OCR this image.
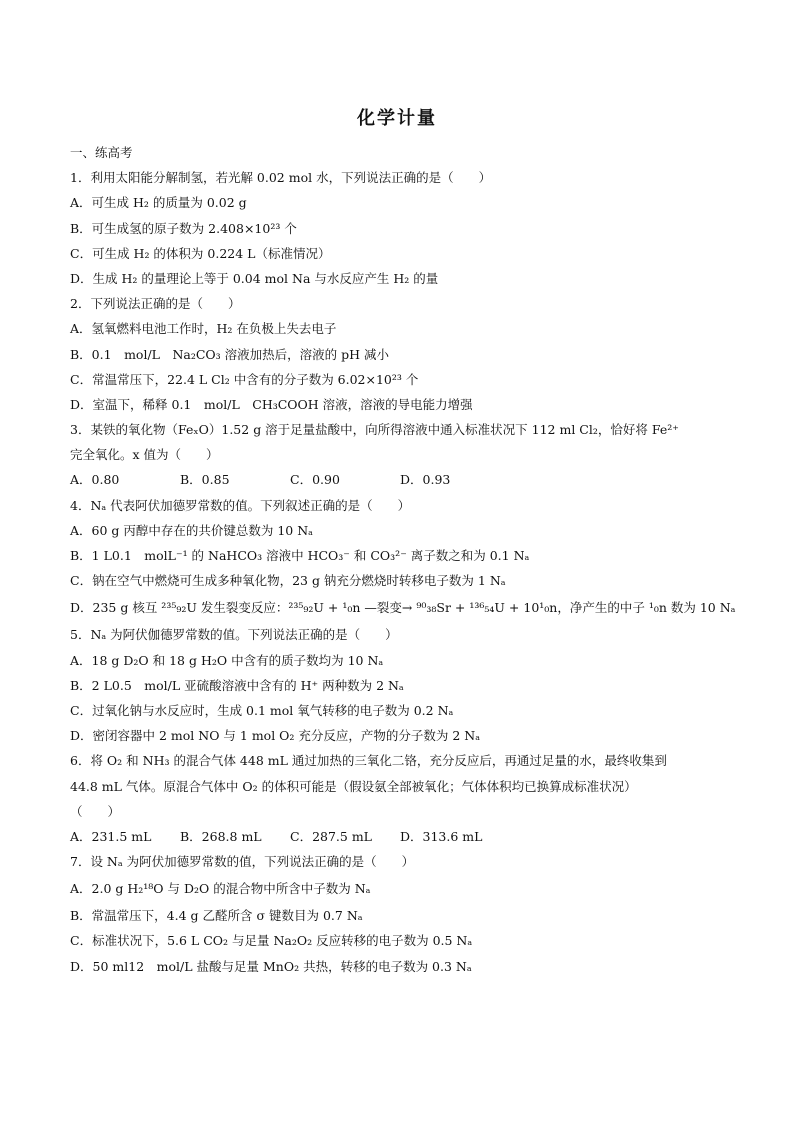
化学计量
一、练高考
1．利用太阳能分解制氢，若光解 0.02 mol 水，下列说法正确的是（　　）
A．可生成 H₂ 的质量为 0.02 g
B．可生成氢的原子数为 2.408×10²³ 个
C．可生成 H₂ 的体积为 0.224 L（标准情况）
D．生成 H₂ 的量理论上等于 0.04 mol Na 与水反应产生 H₂ 的量
2．下列说法正确的是（　　）
A．氢氧燃料电池工作时，H₂ 在负极上失去电子
B．0.1　mol/L　Na₂CO₃ 溶液加热后，溶液的 pH 减小
C．常温常压下，22.4 L Cl₂ 中含有的分子数为 6.02×10²³ 个
D．室温下，稀释 0.1　mol/L　CH₃COOH 溶液，溶液的导电能力增强
3．某铁的氧化物（FeₓO）1.52 g 溶于足量盐酸中，向所得溶液中通入标准状况下 112 ml Cl₂，恰好将 Fe²⁺
完全氧化。x 值为（　　）
A．0.80	B．0.85	C．0.90	D．0.93
4．Nₐ 代表阿伏加德罗常数的值。下列叙述正确的是（　　）
A．60 g 丙醇中存在的共价键总数为 10 Nₐ
B．1 L0.1　molL⁻¹ 的 NaHCO₃ 溶液中 HCO₃⁻ 和 CO₃²⁻ 离子数之和为 0.1 Nₐ
C．钠在空气中燃烧可生成多种氧化物，23 g 钠充分燃烧时转移电子数为 1 Nₐ
D．235 g 核互 ²³⁵₉₂U 发生裂变反应：²³⁵₉₂U + ¹₀n —裂变→ ⁹⁰₃₈Sr + ¹³⁶₅₄U + 10¹₀n，净产生的中子 ¹₀n 数为 10 Nₐ
5．Nₐ 为阿伏伽德罗常数的值。下列说法正确的是（　　）
A．18 g D₂O 和 18 g H₂O 中含有的质子数均为 10 Nₐ
B．2 L0.5　mol/L 亚硫酸溶液中含有的 H⁺ 两种数为 2 Nₐ
C．过氧化钠与水反应时，生成 0.1 mol 氧气转移的电子数为 0.2 Nₐ
D．密闭容器中 2 mol NO 与 1 mol O₂ 充分反应，产物的分子数为 2 Nₐ
6．将 O₂ 和 NH₃ 的混合气体 448 mL 通过加热的三氧化二铬，充分反应后，再通过足量的水，最终收集到
44.8 mL 气体。原混合气体中 O₂ 的体积可能是（假设氨全部被氧化；气体体积均已换算成标准状况）
（　　）
A．231.5 mL	B．268.8 mL	C．287.5 mL	D．313.6 mL
7．设 Nₐ 为阿伏加德罗常数的值，下列说法正确的是（　　）
A．2.0 g H₂¹⁸O 与 D₂O 的混合物中所含中子数为 Nₐ
B．常温常压下，4.4 g 乙醛所含 σ 键数目为 0.7 Nₐ
C．标准状况下，5.6 L CO₂ 与足量 Na₂O₂ 反应转移的电子数为 0.5 Nₐ
D．50 ml12　mol/L 盐酸与足量 MnO₂ 共热，转移的电子数为 0.3 Nₐ
